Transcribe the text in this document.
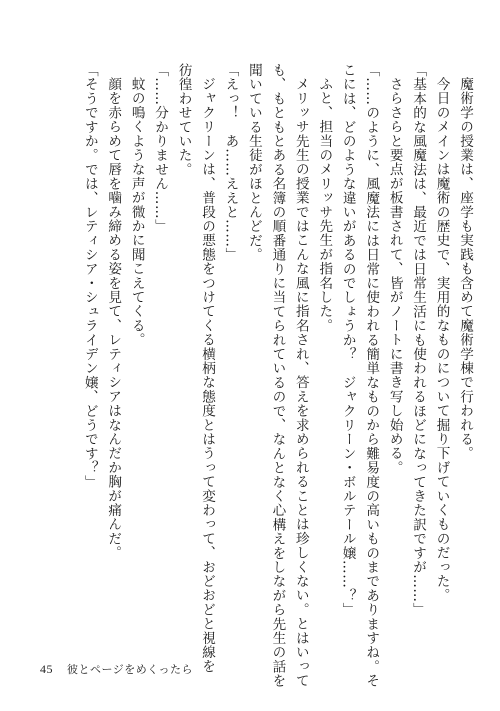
魔術学の授業は、座学も実践も含めて魔術学棟で行われる。
今日のメインは魔術の歴史で、実用的なものについて掘り下げていくものだった。
「基本的な風魔法は、最近では日常生活にも使われるほどになってきた訳ですが……」
さらさらと要点が板書されて、皆がノートに書き写し始める。
「……のように、風魔法には日常に使われる簡単なものから難易度の高いものまでありますね。そ
こには、どのような違いがあるのでしょうか？　ジャクリーン・ボルテール嬢……？」
ふと、担当のメリッサ先生が指名した。
メリッサ先生の授業ではこんな風に指名され、答えを求められることは珍しくない。とはいって
も、もともとある名簿の順番通りに当てられているので、なんとなく心構えをしながら先生の話を
聞いている生徒がほとんどだ。
「えっ！　あ……ええと……」
ジャクリーンは、普段の悪態をつけてくる横柄な態度とはうって変わって、おどおどと視線を
彷徨わせていた。
「……分かりません……」
蚊の鳴くような声が微かに聞こえてくる。
顔を赤らめて唇を噛み締める姿を見て、レティシアはなんだか胸が痛んだ。
「そうですか。では、レティシア・シュライデン嬢、どうです？」
45 彼とページをめくったら
